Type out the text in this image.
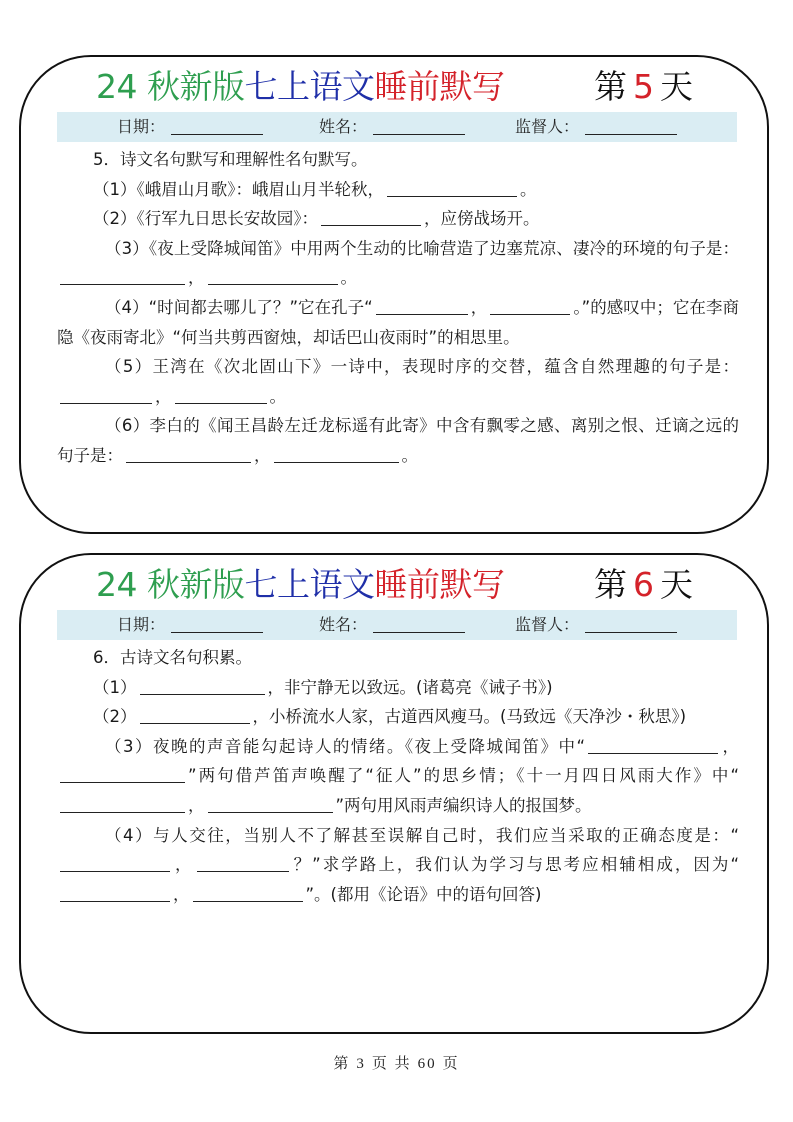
24 秋新版七上语文睡前默写	第 5 天
日期：	姓名：	监督人：

5．诗文名句默写和理解性名句默写。

（1）《峨眉山月歌》：峨眉山月半轮秋，	。

（2）《行军九日思长安故园》：	，应傍战场开。

（3）《夜上受降城闻笛》中用两个生动的比喻营造了边塞荒凉、凄冷的环境的句子是：，	。

（4）“时间都去哪儿了？”它在孔子“	，	。”的感叹中；它在李商隐《夜雨寄北》“何当共剪西窗烛，却话巴山夜雨时”的相思里。

（5）王湾在《次北固山下》一诗中，表现时序的交替，蕴含自然理趣的句子是：，	。

（6）李白的《闻王昌龄左迁龙标遥有此寄》中含有飘零之感、离别之恨、迁谪之远的句子是：	，	。

24 秋新版七上语文睡前默写	第 6 天
日期：	姓名：	监督人：

6．古诗文名句积累。

（1）	，非宁静无以致远。(诸葛亮《诫子书》)

（2）	，小桥流水人家，古道西风瘦马。(马致远《天净沙・秋思》)

（3）夜晚的声音能勾起诗人的情绪。《夜上受降城闻笛》中“	，”两句借芦笛声唤醒了“征人”的思乡情；《十一月四日风雨大作》中“，	”两句用风雨声编织诗人的报国梦。

（4）与人交往，当别人不了解甚至误解自己时，我们应当采取的正确态度是：“，	？”求学路上，我们认为学习与思考应相辅相成，因为“，	”。(都用《论语》中的语句回答)

第 3 页 共 60 页
